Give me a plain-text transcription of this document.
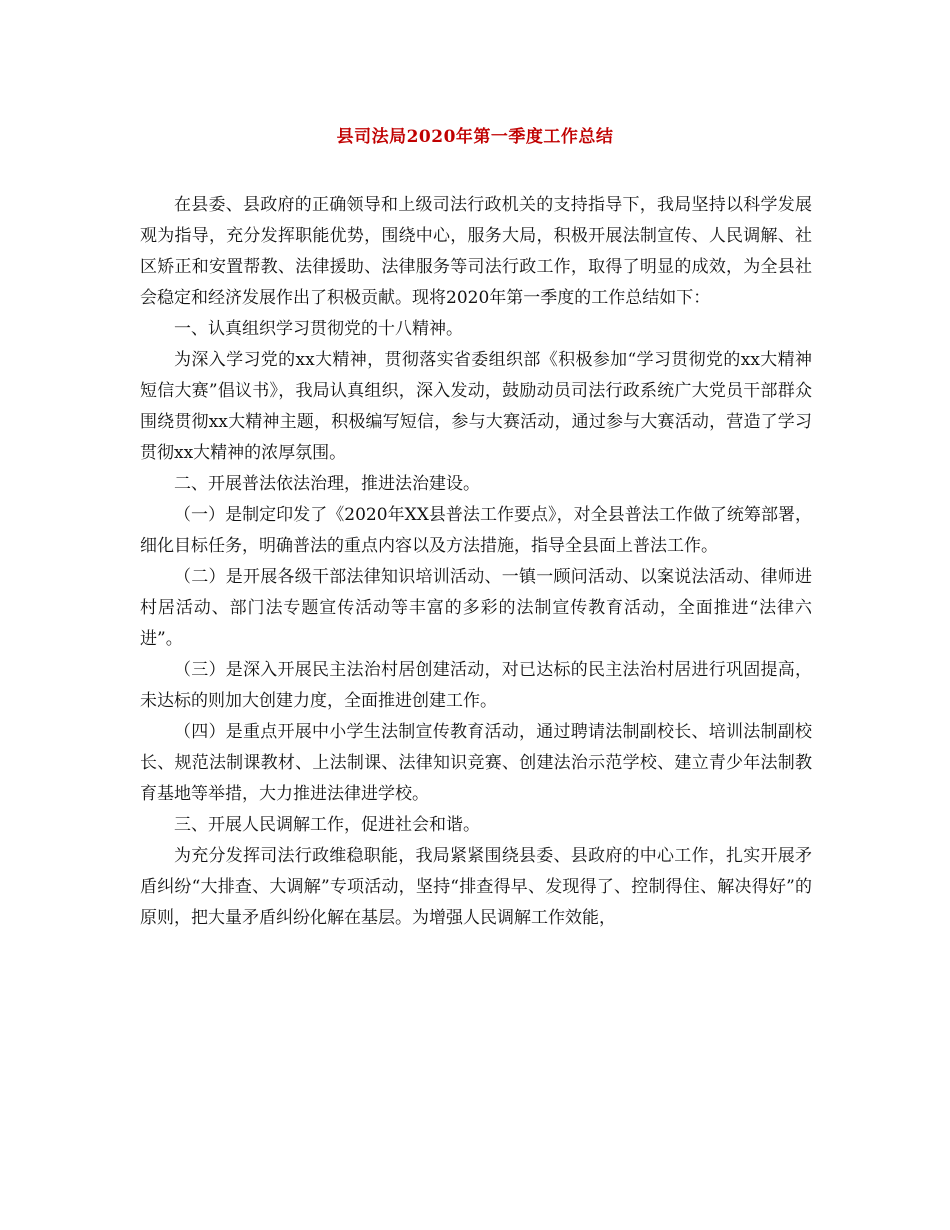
县司法局2020年第一季度工作总结

在县委、县政府的正确领导和上级司法行政机关的支持指导下，我局坚持以科学发展观为指导，充分发挥职能优势，围绕中心，服务大局，积极开展法制宣传、人民调解、社区矫正和安置帮教、法律援助、法律服务等司法行政工作，取得了明显的成效，为全县社会稳定和经济发展作出了积极贡献。现将2020年第一季度的工作总结如下：

一、认真组织学习贯彻党的十八精神。

为深入学习党的xx大精神，贯彻落实省委组织部《积极参加“学习贯彻党的xx大精神短信大赛”倡议书》，我局认真组织，深入发动，鼓励动员司法行政系统广大党员干部群众围绕贯彻xx大精神主题，积极编写短信，参与大赛活动，通过参与大赛活动，营造了学习贯彻xx大精神的浓厚氛围。

二、开展普法依法治理，推进法治建设。

（一）是制定印发了《2020年XX县普法工作要点》，对全县普法工作做了统筹部署，细化目标任务，明确普法的重点内容以及方法措施，指导全县面上普法工作。

（二）是开展各级干部法律知识培训活动、一镇一顾问活动、以案说法活动、律师进村居活动、部门法专题宣传活动等丰富的多彩的法制宣传教育活动，全面推进“法律六进”。

（三）是深入开展民主法治村居创建活动，对已达标的民主法治村居进行巩固提高，未达标的则加大创建力度，全面推进创建工作。

（四）是重点开展中小学生法制宣传教育活动，通过聘请法制副校长、培训法制副校长、规范法制课教材、上法制课、法律知识竞赛、创建法治示范学校、建立青少年法制教育基地等举措，大力推进法律进学校。

三、开展人民调解工作，促进社会和谐。

为充分发挥司法行政维稳职能，我局紧紧围绕县委、县政府的中心工作，扎实开展矛盾纠纷“大排查、大调解”专项活动，坚持“排查得早、发现得了、控制得住、解决得好”的原则，把大量矛盾纠纷化解在基层。为增强人民调解工作效能，
